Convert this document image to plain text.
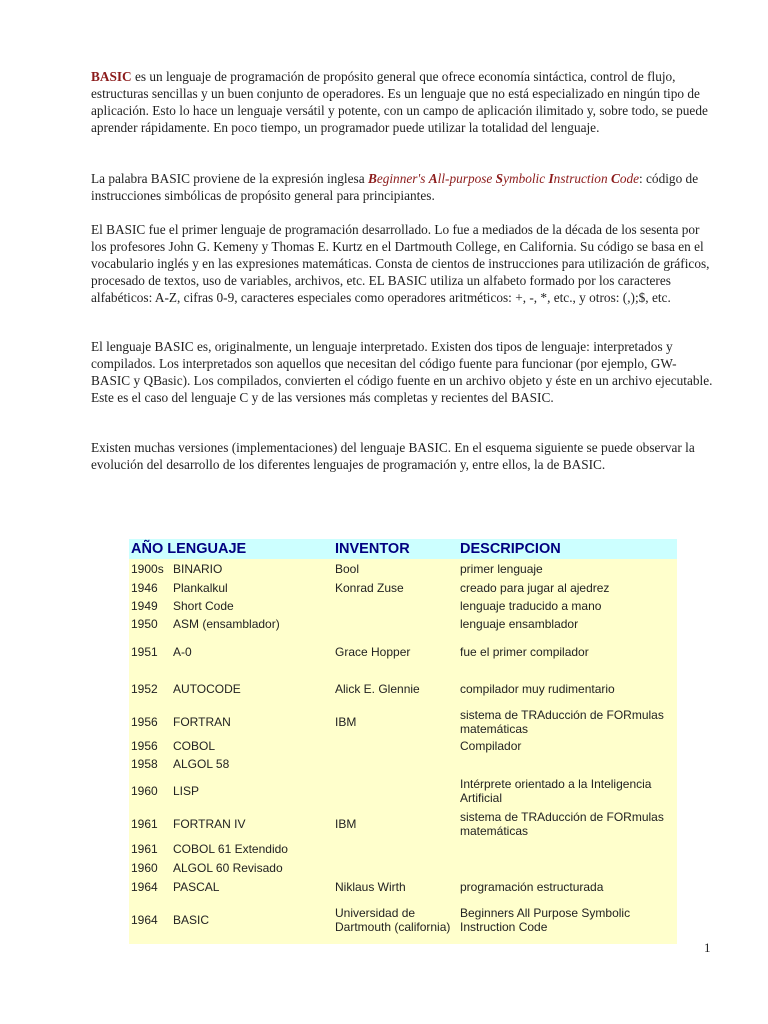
BASIC es un lenguaje de programación de propósito general que ofrece economía sintáctica, control de flujo, estructuras sencillas y un buen conjunto de operadores. Es un lenguaje que no está especializado en ningún tipo de aplicación. Esto lo hace un lenguaje versátil y potente, con un campo de aplicación ilimitado y, sobre todo, se puede aprender rápidamente. En poco tiempo, un programador puede utilizar la totalidad del lenguaje.

La palabra BASIC proviene de la expresión inglesa Beginner's All-purpose Symbolic Instruction Code: código de instrucciones simbólicas de propósito general para principiantes.

El BASIC fue el primer lenguaje de programación desarrollado. Lo fue a mediados de la década de los sesenta por los profesores John G. Kemeny y Thomas E. Kurtz en el Dartmouth College, en California. Su código se basa en el vocabulario inglés y en las expresiones matemáticas. Consta de cientos de instrucciones para utilización de gráficos, procesado de textos, uso de variables, archivos, etc. EL BASIC utiliza un alfabeto formado por los caracteres alfabéticos: A-Z, cifras 0-9, caracteres especiales como operadores aritméticos: +, -, *, etc., y otros: (,);$, etc.

El lenguaje BASIC es, originalmente, un lenguaje interpretado. Existen dos tipos de lenguaje: interpretados y compilados. Los interpretados son aquellos que necesitan del código fuente para funcionar (por ejemplo, GW-BASIC y QBasic). Los compilados, convierten el código fuente en un archivo objeto y éste en un archivo ejecutable. Este es el caso del lenguaje C y de las versiones más completas y recientes del BASIC.

Existen muchas versiones (implementaciones) del lenguaje BASIC. En el esquema siguiente se puede observar la evolución del desarrollo de los diferentes lenguajes de programación y, entre ellos, la de BASIC.

AÑO LENGUAJE		INVENTOR	DESCRIPCION
1900s	BINARIO	Bool	primer lenguaje
1946	Plankalkul	Konrad Zuse	creado para jugar al ajedrez
1949	Short Code		lenguaje traducido a mano
1950	ASM (ensamblador)		lenguaje ensamblador
1951	A-0	Grace Hopper	fue el primer compilador
1952	AUTOCODE	Alick E. Glennie	compilador muy rudimentario
1956	FORTRAN	IBM	sistema de TRAducción de FORmulas matemáticas
1956	COBOL		Compilador
1958	ALGOL 58		
1960	LISP		Intérprete orientado a la Inteligencia Artificial
1961	FORTRAN IV	IBM	sistema de TRAducción de FORmulas matemáticas
1961	COBOL 61 Extendido		
1960	ALGOL 60 Revisado		
1964	PASCAL	Niklaus Wirth	programación estructurada
1964	BASIC	Universidad de Dartmouth (california)	Beginners All Purpose Symbolic Instruction Code
1
